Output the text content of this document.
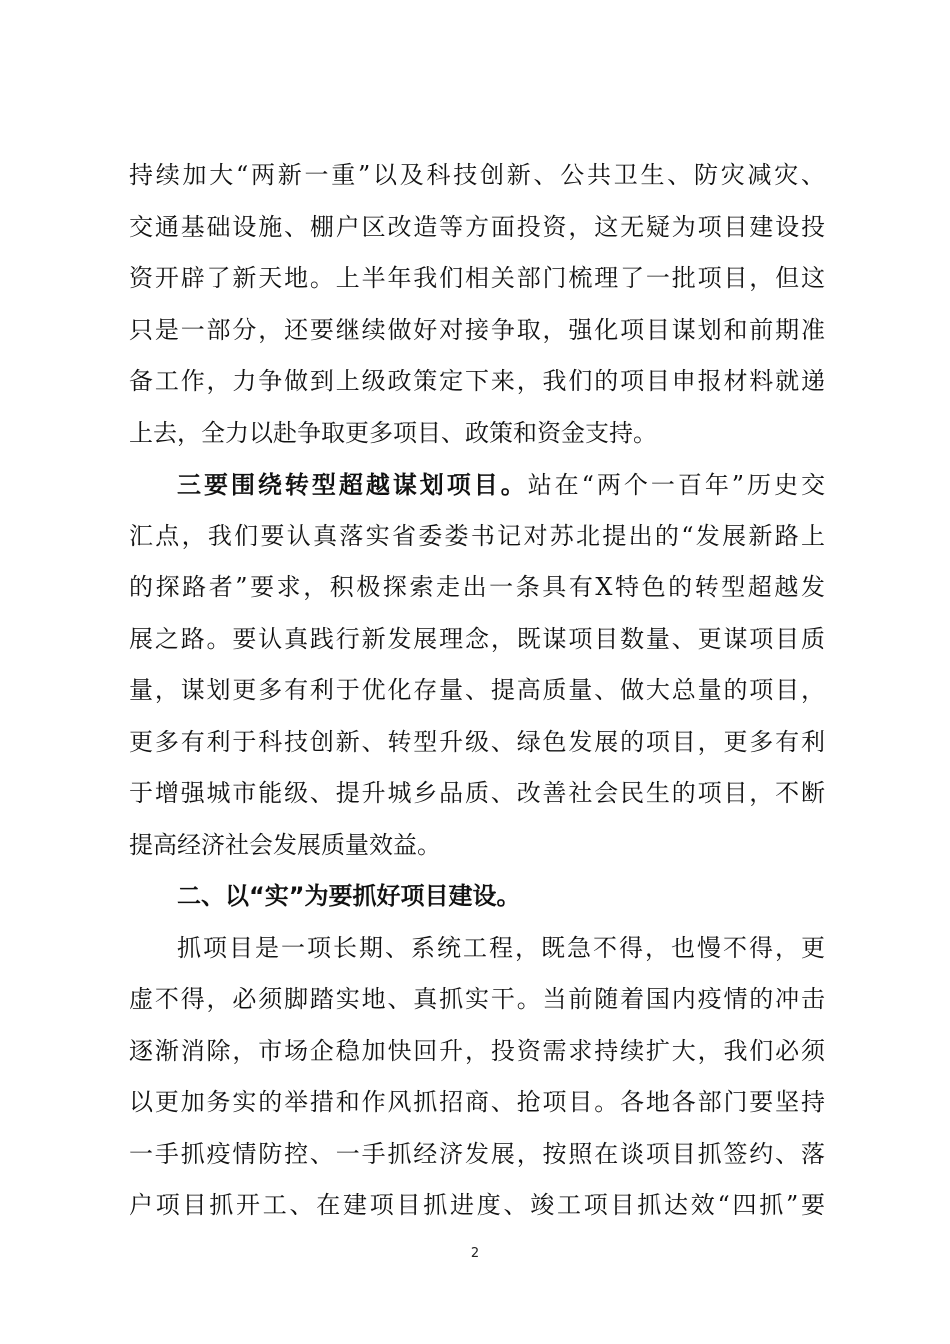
持续加大“两新一重”以及科技创新、公共卫生、防灾减灾、
交通基础设施、棚户区改造等方面投资，这无疑为项目建设投
资开辟了新天地。上半年我们相关部门梳理了一批项目，但这
只是一部分，还要继续做好对接争取，强化项目谋划和前期准
备工作，力争做到上级政策定下来，我们的项目申报材料就递
上去，全力以赴争取更多项目、政策和资金支持。
三要围绕转型超越谋划项目。站在“两个一百年”历史交
汇点，我们要认真落实省委娄书记对苏北提出的“发展新路上
的探路者”要求，积极探索走出一条具有X特色的转型超越发
展之路。要认真践行新发展理念，既谋项目数量、更谋项目质
量，谋划更多有利于优化存量、提高质量、做大总量的项目，
更多有利于科技创新、转型升级、绿色发展的项目，更多有利
于增强城市能级、提升城乡品质、改善社会民生的项目，不断
提高经济社会发展质量效益。
二、以“实”为要抓好项目建设。
抓项目是一项长期、系统工程，既急不得，也慢不得，更
虚不得，必须脚踏实地、真抓实干。当前随着国内疫情的冲击
逐渐消除，市场企稳加快回升，投资需求持续扩大，我们必须
以更加务实的举措和作风抓招商、抢项目。各地各部门要坚持
一手抓疫情防控、一手抓经济发展，按照在谈项目抓签约、落
户项目抓开工、在建项目抓进度、竣工项目抓达效“四抓”要
2
